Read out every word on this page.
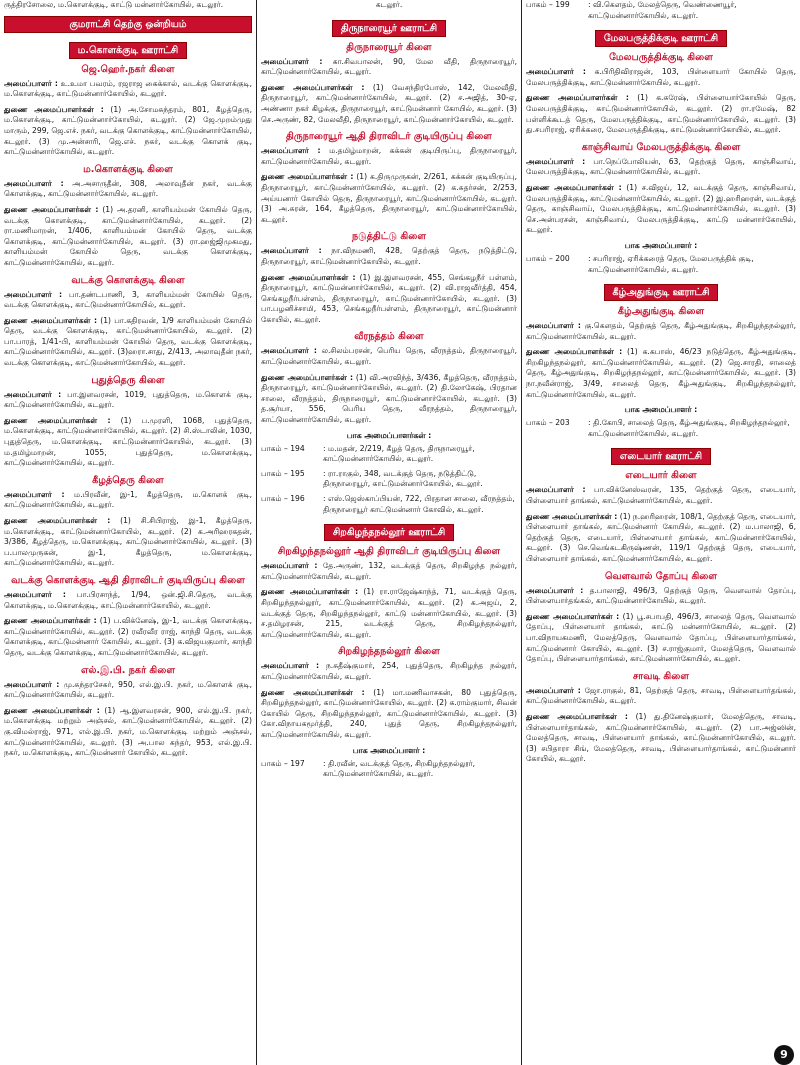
ருத்திரசோலை, ம.கொளக்குடி, காட்டு மன்னார்கோயில், கடலூர்.

குமராட்சி தெற்கு ஒன்றியம்
ம.கொளக்குடி ஊராட்சி
ஜெ.ஹெர்.நகர் கிளை

அமைப்பாளர் : உ.உமா பவரம், ரஜராஜ கைக்கால், வடக்கு கொளக்குடி, ம.கொளக்குடி, காட்டுமன்னார்கோயில், கடலூர்.

துணை அமைப்பாளர்கள் : (1) அ.சோமசுந்தரம், 801, கீழத்தெரு, ம.கொளக்குடி, காட்டுமன்னார்கோயில், கடலூர். (2) ஜே.முறம்முது மாரும், 299, ஜெ.எச். நகர், வடக்கு கொளக்குடி, காட்டுமன்னார்கோயில், கடலூர். (3) மு.அன்சாரி, ஜெ.எச். நகர், வடக்கு கொளக் குடி, காட்டுமன்னார்கோயில், கடலூர்.

ம.கொளக்குடி கிளை

அமைப்பாளர் : அ.அசாருதீன், 308, அலாவுதீன் நகர், வடக்கு கொளக்குடி, காட்டுமன்னார்கோயில், கடலூர்.

துணை அமைப்பாளர்கள் : (1) அ.தரனி, காளியம்மன் கோயில் தெரு, வடக்கு கொளக்குடி, காட்டுமன்னார்கோயில், கடலூர். (2) ரா.மணிமாறன், 1/406, காளியம்மன் கோயில் தெரு, வடக்கு கொளக்குடி, காட்டுமன்னார்கோயில், கடலூர். (3) ரா.ஹஜ்ஜிமுகமது, காளியம்மன் கோயில் தெரு, வடக்கு கொளக்குடி, காட்டுமன்னார்கோயில், கடலூர்.

வடக்கு கொளக்குடி கிளை

அமைப்பாளர் : பா.தண்டபாணி, 3, காளியம்மன் கோயில் தெரு, வடக்கு கொளக்குடி, காட்டுமன்னார்கோயில், கடலூர்.

துணை அமைப்பாளர்கள் : (1) பா.கதிரவன், 1/9 காளியம்மன் கோயில் தெரு, வடக்கு கொளக்குடி, காட்டுமன்னார்கோயில், கடலூர். (2) பா.பாரத், 1/41-பி, காளியம்மன் கோயில் தெரு, வடக்கு கொளக்குடி, காட்டுமன்னார்கோயில், கடலூர். (3)ஹரா.சாது, 2/413, அலாவுதீன் நகர், வடக்கு கொளக்குடி, காட்டுமன்னார்கோயில், கடலூர்.

புதுத்தெரு கிளை

அமைப்பாளர் : பா.இளவரசன், 1019, புதுத்தெரு, ம.கொளக் குடி, காட்டுமன்னார்கோயில், கடலூர்.

துணை அமைப்பாளர்கள் : (1) ப.முரளி, 1068, புதுத்தெரு, ம.கொளக்குடி, காட்டுமன்னார்கோயில், கடலூர். (2) சி.ஸ்டாலின், 1030, புதுத்தெரு, ம.கொளக்குடி, காட்டுமன்னார்கோயில், கடலூர். (3) ம.தமிழ்மாறன், 1055, புதுத்தெரு, ம.கொளக்குடி, காட்டுமன்னார்கோயில், கடலூர்.

கீழத்தெரு கிளை

அமைப்பாளர் : ம.பிரவீன், இ-1, கீழத்தெரு, ம.கொளக் குடி, காட்டுமன்னார்கோயில், கடலூர்.

துணை அமைப்பாளர்கள் : (1) சி.சிபிராஜ், இ-1, கீழத்தெரு, ம.கொளக்குடி, காட்டுமன்னார்கோயில், கடலூர். (2) க.அரிஹரகதன், 3/386, கீழத்தெரு, ம.கொளக்குடி, காட்டுமன்னார்கோயில், கடலூர். (3) ப.பாலமுருகன், இ-1, கீழத்தெரு, ம.கொளக்குடி, காட்டுமன்னார்கோயில், கடலூர்.

வடக்கு கொளக்குடி ஆதி திராவிடர் குடியிருப்பு கிளை

அமைப்பாளர் : பா.பிரசாந்த், 1/94, ஒன்.ஜி.சி.தெரு, வடக்கு கொளக்குடி, ம.கொளக்குடி, காட்டுமன்னார்கோயில், கடலூர்.

துணை அமைப்பாளர்கள் : (1) ப.விக்னேஷ், இ-1, வடக்கு கொளக்குடி, காட்டுமன்னார்கோயில், கடலூர். (2) ரவீரவீர ராஜ், காந்தி தெரு, வடக்கு கொளக்குடி, காட்டுமன்னார் கோயில், கடலூர். (3) க.விஜயகுமார், காந்தி தெரு, வடக்கு கொளக்குடி, காட்டுமன்னார்கோயில், கடலூர்.

எல்.இ.பி. நகர் கிளை

அமைப்பாளர் : மு.சுந்தரசேகர், 950, எல்.இ.பி. நகர், ம.கொளக் குடி, காட்டுமன்னார்கோயில், கடலூர்.

துணை அமைப்பாளர்கள் : (1) ஆ.இளவரசன், 900, எல்.இ.பி. நகர், ம.கொளக்குடி மற்றும் அஞ்சல், காட்டுமன்னார்கோயில், கடலூர். (2) கு.விமல்ராஜ், 971, எல்.இ.பி. நகர், ம.கொளக்குடி மற்றும் அஞ்சல், காட்டுமன்னார்கோயில், கடலூர். (3) அ.பால சுந்தர், 953, எல்.இ.பி. நகர், ம.கொளக்குடி, காட்டுமன்னார் கோயில், கடலூர்.

கடலூர்.

திருநாரையூர் ஊராட்சி
திருநாரையூர் கிளை

அமைப்பாளர் : கா.சிவபாலன், 90, மேல வீதி, திருநாரையூர், காட்டுமன்னார்கோயில், கடலூர்.

துணை அமைப்பாளர்கள் : (1) வேசந்திரபோஸ், 142, மேலவீதி, திருநாரையூர், காட்டுமன்னார்கோயில், கடலூர். (2) ச.அஜித், 30-ஏ, அண்ணா நகர் கிழக்கு, திருநாரையூர், காட்டுமன்னார் கோயில், கடலூர். (3) செ.அருண், 82, மேலவீதி, திருநாரையூர், காட்டுமன்னார்கோயில், கடலூர்.

திருநாரையூர் ஆதி திராவிடர் குடியிருப்பு கிளை

அமைப்பாளர் : ம.தமிழ்மாறன், கக்கன் குடியிருப்பு, திருநாரையூர், காட்டுமன்னார்கோயில், கடலூர்.

துணை அமைப்பாளர்கள் : (1) க.திருமுருகன், 2/261, கக்கன் குடியிருப்பு, திருநாரையூர், காட்டுமன்னார்கோயில், கடலூர். (2) க.சுதர்சன், 2/253, அய்யனார் கோயில் தெரு, திருநாரையூர், காட்டுமன்னார்கோயில், கடலூர். (3) அ.சுரன், 164, கீழத்தெரு, திருநாரையூர், காட்டுமன்னார்கோயில், கடலூர்.

நடுத்திட்டு கிளை

அமைப்பாளர் : நா.விநமணி, 428, தெற்குத் தெரு, நடுத்திட்டு, திருநாரையூர், காட்டுமன்னார்கோயில், கடலூர்.

துணை அமைப்பாளர்கள் : (1) இ.இளவரசன், 455, செங்கழநீர் பள்ளம், திருநாரையூர், காட்டுமன்னார்கோயில், கடலூர். (2) வி.ராஜவீர்த்தி, 454, செங்கழநீர்பள்ளம், திருநாரையூர், காட்டுமன்னார்கோயில், கடலூர். (3) பா.பழனிச்சாமி, 453, செங்கழநீர்பள்ளம், திருநாரையூர், காட்டுமன்னார் கோயில், கடலூர்.

வீரநத்தம் கிளை

அமைப்பாளர் : ல.சிலம்பரசன், பெரிய தெரு, வீரநத்தம், திருநாரையூர், காட்டுமன்னார்கோயில், கடலூர்.

துணை அமைப்பாளர்கள் : (1) வி.அரவிந்த், 3/436, கீழத்தெரு, வீரநத்தம், திருநாரையூர், காட்டுமன்னார்கோயில், கடலூர். (2) தி.லோகேஷ், பிரதான சாலை, வீரநத்தம், திருநாரையூர், காட்டுமன்னார்கோயில், கடலூர். (3) த.சூர்யா, 556, பெரிய தெரு, வீரநத்தம், திருநாரையூர், காட்டுமன்னார்கோயில், கடலூர்.

பாக அமைப்பாளர்கள் :
பாகம் – 194	: ம.மதன், 2/219, கீழத் தெரு, திருநாரையூர், காட்டுமன்னார்கோயில், கடலூர்.
பாகம் – 195	: ரா.ராகுல், 348, வடக்குத் தெரு, நடுத்திட்டு, திருநாரையூர், காட்டுமன்னார்கோயில், கடலூர்.
பாகம் – 196	: எஸ்.ஜெஸ்காப்பியன், 722, பிரதான சாலை, வீரநத்தம், திருநாரையூர் காட்டுமன்னார் கோவில், கடலூர்.
சிறகிழந்தநல்லூர் ஊராட்சி
சிறகிழந்தநல்லூர் ஆதி திராவிடர் குடியிருப்பு கிளை

அமைப்பாளர் : தே.அருண், 132, வடக்குத் தெரு, சிறகிழந்த நல்லூர், காட்டுமன்னார்கோயில், கடலூர்.

துணை அமைப்பாளர்கள் : (1) ரா.ராஜேஷ்காந்த், 71, வடக்குத் தெரு, சிறகிழந்தநல்லூர், காட்டுமன்னார்கோயில், கடலூர். (2) க.அஜய், 2, வடக்குத் தெரு, சிறகிழந்தநல்லூர், காட்டு மன்னார்கோயில், கடலூர். (3) ச.தமிழரசன், 215, வடக்குத் தெரு, சிறகிழந்தநல்லூர், காட்டுமன்னார்கோயில், கடலூர்.

சிறகிழந்தநல்லூர் கிளை

அமைப்பாளர் : ந.சுதீஷ்குமார், 254, புதுத்தெரு, சிறகிழந்த நல்லூர், காட்டுமன்னார்கோயில், கடலூர்.

துணை அமைப்பாளர்கள் : (1) மா.மணிவாசகன், 80 புதுத்தெரு, சிறகிழந்தநல்லூர், காட்டுமன்னார்கோயில், கடலூர். (2) க.ராம்குமார், சிவன் கோயில் தெரு, சிறகிழந்தநல்லூர், காட்டுமன்னார்கோயில், கடலூர். (3) கோ.விநாயகமூர்த்தி, 240, புதுத் தெரு, சிறகிழந்தநல்லூர், காட்டுமன்னார்கோயில், கடலூர்.

பாக அமைப்பாளர் :
பாகம் – 197	: தி.ரவீன், வடக்குத் தெரு, சிறகிழந்தநல்லூர், காட்டுமன்னார்கோயில், கடலூர்.
பாகம் – 199	: வி.கௌதம், மேலத்தெரு, வெண்ணையூர், காட்டுமன்னார்கோயில், கடலூர்.
மேலபருத்திக்குடி ஊராட்சி
மேலபருத்திக்குடி கிளை

அமைப்பாளர் : க.பிரிதிவிராஜன், 103, பிள்ளையார் கோயில் தெரு, மேலபருத்திக்குடி, காட்டுமன்னார்கோயில், கடலூர்.

துணை அமைப்பாளர்கள் : (1) க.சுரேஷ், பிள்ளையார்கோயில் தெரு, மேலபருத்திக்குடி, காட்டுமன்னார்கோயில், கடலூர். (2) ரா.ரமேஷ், 82 பள்ளிக்கூடத் தெரு, மேலபருத்திக்குடி, காட்டுமன்னார்கோயில், கடலூர். (3) து.சபரிராஜ், ஏரிக்கரை, மேலபருத்திக்குடி, காட்டுமன்னார்கோயில், கடலூர்.

காஞ்சிவாய் மேலபருத்திக்குடி கிளை

அமைப்பாளர் : பா.நெப்போலியன், 63, தெற்குத் தெரு, காஞ்சிவாய், மேலபருத்திக்குடி, காட்டுமன்னார்கோயில், கடலூர்.

துணை அமைப்பாளர்கள் : (1) ச.விஜய், 12, வடக்குத் தெரு, காஞ்சிவாய், மேலபருத்திக்குடி, காட்டுமன்னார்கோயில், கடலூர். (2) இ.ஹரிஹரன், வடக்குத் தெரு, காஞ்சிவாய், மேலபருத்திக்குடி, காட்டுமன்னார்கோயில், கடலூர். (3) செ.அன்பரசன், காஞ்சிவாய், மேலபருத்திக்குடி, காட்டு மன்னார்கோயில், கடலூர்.

பாக அமைப்பாளர் :
பாகம் – 200	: சபரிராஜ், ஏரிக்கரைத் தெரு, மேலபருத்திக் குடி, காட்டுமன்னார்கோயில், கடலூர்.
கீழ்அதுங்குடி ஊராட்சி
கீழ்அதுங்குடி கிளை

அமைப்பாளர் : கு.கௌதம், தெற்குத் தெரு, கீழ்அதுங்குடி, சிறகிழந்தநல்லூர், காட்டுமன்னார்கோயில், கடலூர்.

துணை அமைப்பாளர்கள் : (1) க.கபாஸ், 46/23 நடுத்தெரு, கீழ்அதுங்குடி, சிறகிழந்தநல்லூர், காட்டுமன்னார்கோயில், கடலூர். (2) ஜெ.சாரதி, சாலைத் தெரு, கீழ்அதுங்குடி, சிறகிழந்தநல்லூர், காட்டுமன்னார்கோயில், கடலூர். (3) நா.நவீன்ராஜ், 3/49, சாலைத் தெரு, கீழ்அதுங்குடி, சிறகிழந்தநல்லூர், காட்டுமன்னார்கோயில், கடலூர்.

பாக அமைப்பாளர் :
பாகம் – 203	: தி.கோபி, சாலைத் தெரு, கீழ்அதுங்குடி, சிறகிழந்தநல்லூர், காட்டுமன்னார்கோயில், கடலூர்.
எடையார் ஊராட்சி
எடையார் கிளை

அமைப்பாளர் : பா.விக்னேஸ்வரன், 135, தெற்குத் தெரு, எடையார், பிள்ளையார் தாங்கல், காட்டுமன்னார்கோயில், கடலூர்.

துணை அமைப்பாளர்கள் : (1) ந.ஹரிஹரன், 108/1, தெற்குத் தெரு, எடையார், பிள்ளையார் தாங்கல், காட்டுமன்னார் கோயில், கடலூர். (2) ம.பாலாஜி, 6, தெற்குத் தெரு, எடையார், பிள்ளையார் தாங்கல், காட்டுமன்னார்கோயில், கடலூர். (3) செ.வெங்கடகிருஷ்ணன், 119/1 தெற்குத் தெரு, எடையார், பிள்ளையார் தாங்கல், காட்டுமன்னார்கோயில், கடலூர்.

வெளவால் தோப்பு கிளை

அமைப்பாளர் : த.பாலாஜி, 496/3, தெற்குத் தெரு, வெளவால் தோப்பு, பிள்ளையார்தங்கல், காட்டுமன்னார்கோயில், கடலூர்.

துணை அமைப்பாளர்கள் : (1) பூ.சபாபதி, 496/3, சாலைத் தெரு, வெளவால் தோப்பு, பிள்ளையார் தாங்கல், காட்டு மன்னார்கோயில், கடலூர். (2) பா.விநாயகமணி, மேலத்தெரு, வெளவால் தோப்பு, பிள்ளையார்தாங்கல், காட்டுமன்னார் கோயில், கடலூர். (3) ச.ராஜ்குமார், மேலத்தெரு, வெளவால் தோப்பு, பிள்ளையார்தாங்கல், காட்டுமன்னார்கோயில், கடலூர்.

சாவடி கிளை

அமைப்பாளர் : ஜோ.ராகுல், 81, தெற்குத் தெரு, சாவடி, பிள்ளையார்தங்கல், காட்டுமன்னார்கோயில், கடலூர்.

துணை அமைப்பாளர்கள் : (1) து.தினேஷ்குமார், மேலத்தெரு, சாவடி, பிள்ளையார்தாங்கல், காட்டுமன்னார்கோயில், கடலூர். (2) பா.அஜ்ஸின், மேலத்தெரு, சாவடி, பிள்ளையார் தாங்கல், காட்டுமன்னார்கோயில், கடலூர். (3) சபிதாரா சிங், மேலத்தெரு, சாவடி, பிள்ளையார்தாங்கல், காட்டுமன்னார் கோயில், கடலூர்.

9
